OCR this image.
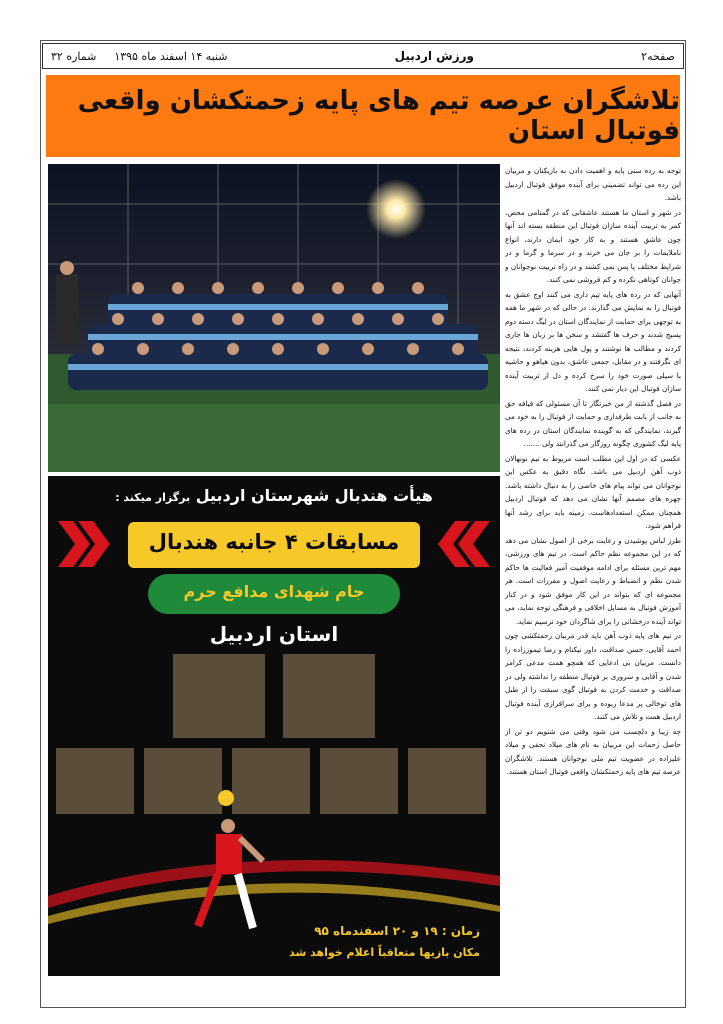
صفحه۲
ورزش اردبیل
شنبه ۱۴ اسفند ماه ۱۳۹۵
شماره ۳۲
تلاشگران عرصه تیم های پایه زحمتکشان واقعی فوتبال استان
هیأت هندبال شهرستان اردبیل برگزار میکند :
مسابقات ۴ جانبه هندبال
جام شهدای مدافع حرم
استان اردبیل
زمان : ۱۹ و ۲۰ اسفندماه ۹۵
مکان بازیها متعاقباً اعلام خواهد شد

توجه به رده سنی پایه و اهمیت دادن به بازیکنان و مربیان این رده می تواند تضمینی برای آینده موفق فوتبال اردبیل باشد.

در شهر و استان ما هستند عاشقانی که در گمنامی محض، کمر به تربیت آینده سازان فوتبال این منطقه بسته اند آنها چون عاشق هستند و به کار خود ایمان دارند، انواع ناملایمات را بر جان می خرند و در سرما و گرما و در شرایط مختلف پا پس نمی کشند و در راه تربیت نوجوانان و جوانان کوتاهی نکرده و کم فروشی نمی کنند.

آنهایی که در رده های پایه تیم داری می کنند اوج عشق به فوتبال را به نمایش می گذارند. در حالی که در شهر ما همه به توجهی برای حمایت از نمایندگان استان در لیگ دسته دوم پسیج شدند و حرف ها گفتشد و سخن ها بر زبان ها جاری کردند و مطالب ها نوشتند و پول هایی هزینه کردند، نتیجه ای نگرفتند و در مقابل، جمعی عاشق، بدون هیاهو و حاشیه با سیلی صورت خود را سرخ کرده و دل از تربیت آینده سازان فوتبال این دیار نمی کنند.

در فصل گذشته از من خبرنگار تا آن مسئولی که قیافه حق به جانب از بابت طرفداری و حمایت از فوتبال را به خود می گیرند، نمایندگی که به گوینده نمایندگان استان در رده های پایه لیگ کشوری چگونه روزگار می گذرانند ولی .......

عکسی که در اول این مطلب است مربوط به تیم نونهالان ذوب آهن اردبیل می باشد. نگاه دقیق به عکس این نوجوانان می تواند پیام های خاصی را به دنبال داشته باشد. چهره های مصمم آنها نشان می دهد که فوتبال اردبیل همچنان ممکن استعدادهاست. زمینه باید برای رشد آنها فراهم شود.

طرز لباس پوشیدن و رعایت برخی از اصول نشان می دهد که در این مجموعه نظم حاکم است. در تیم های ورزشی، مهم ترین مسئله برای ادامه موفقیت آمیز فعالیت ها حاکم شدن نظم و انضباط و رعایت اصول و مقررات است. هر مجموعه ای که بتواند در این کار موفق شود و در کنار آموزش فوتبال به مسایل اخلاقی و فرهنگی توجه نماید، می تواند آینده درخشانی را برای شاگردان خود ترسیم نماید.

در تیم های پایه ذوب آهن باید قدر مربیان زحمتکشی چون احمد آقایی، حسن صداقت، داور نیکنام و رضا تیموززاده را دانست. مربیان بی ادعایی که همچو همت مدعی کرامر شدن و آقایی و سروری بر فوتبال منطقه را نداشته ولی در صداقت و خدمت کردن به فوتبال گوی سبقت را از طبل های توخالی پر مدعا ربوده و برای سرافرازی آینده فوتبال اردبیل همت و تلاش می کنند.

چه زیبا و دلچسب می شود وقتی می شنویم دو تن از حاصل زحمات این مربیان به نام های میلاد نجفی و میلاد علیزاده در عضویت تیم ملی نوجوانان هستند. تلاشگران عرصه تیم های پایه زحمتکشان واقعی فوتبال استان هستند.
